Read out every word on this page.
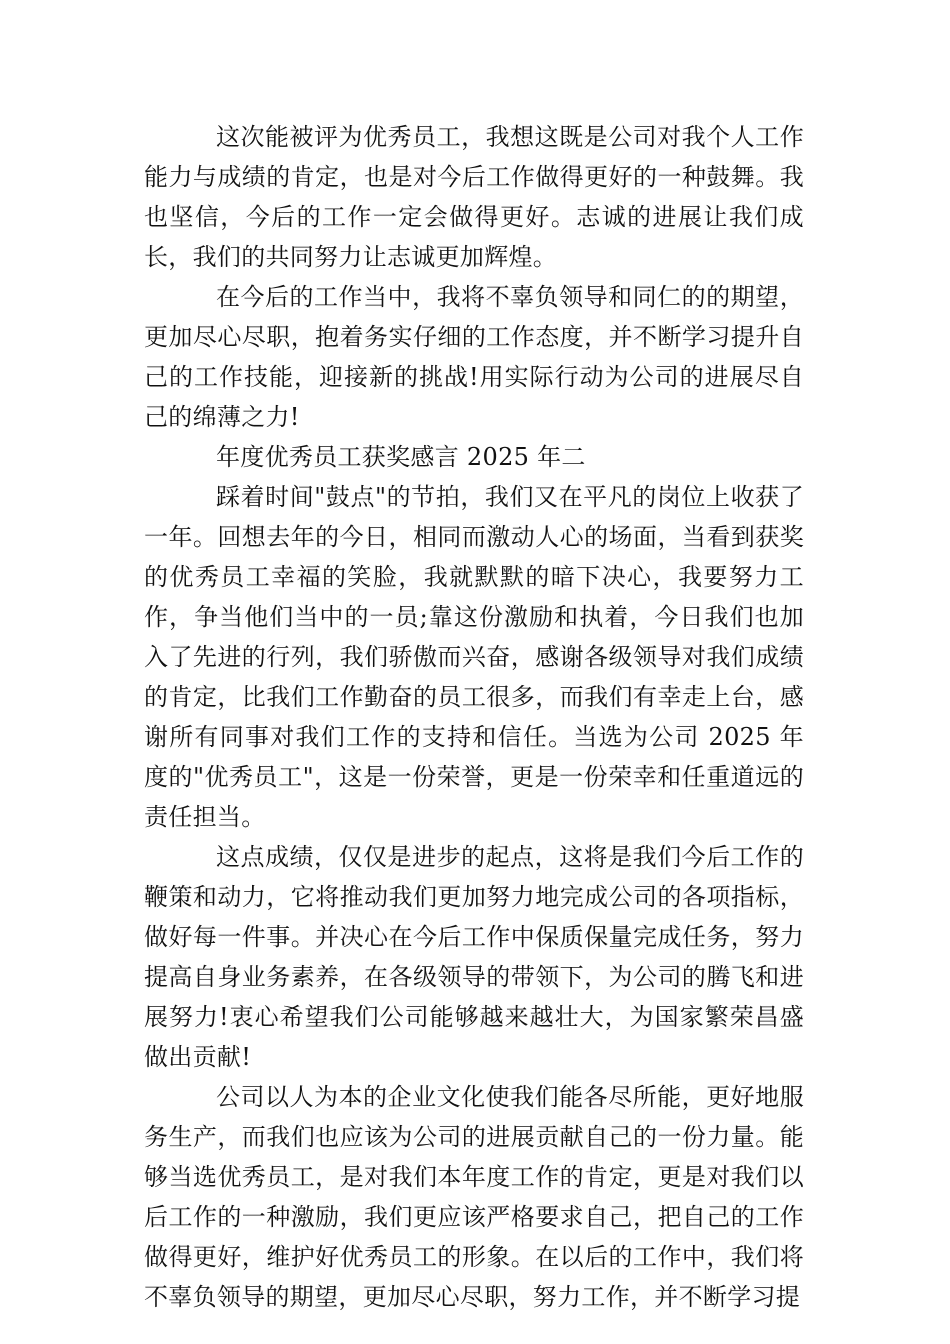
这次能被评为优秀员工，我想这既是公司对我个人工作能力与成绩的肯定，也是对今后工作做得更好的一种鼓舞。我也坚信，今后的工作一定会做得更好。志诚的进展让我们成长，我们的共同努力让志诚更加辉煌。

在今后的工作当中，我将不辜负领导和同仁的的期望，更加尽心尽职，抱着务实仔细的工作态度，并不断学习提升自己的工作技能，迎接新的挑战!用实际行动为公司的进展尽自己的绵薄之力!

年度优秀员工获奖感言 2025 年二

踩着时间"鼓点"的节拍，我们又在平凡的岗位上收获了一年。回想去年的今日，相同而激动人心的场面，当看到获奖的优秀员工幸福的笑脸，我就默默的暗下决心，我要努力工作，争当他们当中的一员;靠这份激励和执着，今日我们也加入了先进的行列，我们骄傲而兴奋，感谢各级领导对我们成绩的肯定，比我们工作勤奋的员工很多，而我们有幸走上台，感谢所有同事对我们工作的支持和信任。当选为公司 2025 年度的"优秀员工"，这是一份荣誉，更是一份荣幸和任重道远的责任担当。

这点成绩，仅仅是进步的起点，这将是我们今后工作的鞭策和动力，它将推动我们更加努力地完成公司的各项指标，做好每一件事。并决心在今后工作中保质保量完成任务，努力提高自身业务素养，在各级领导的带领下，为公司的腾飞和进展努力!衷心希望我们公司能够越来越壮大，为国家繁荣昌盛做出贡献!

公司以人为本的企业文化使我们能各尽所能，更好地服务生产，而我们也应该为公司的进展贡献自己的一份力量。能够当选优秀员工，是对我们本年度工作的肯定，更是对我们以后工作的一种激励，我们更应该严格要求自己，把自己的工作做得更好，维护好优秀员工的形象。在以后的工作中，我们将不辜负领导的期望，更加尽心尽职，努力工作，并不断学习提
